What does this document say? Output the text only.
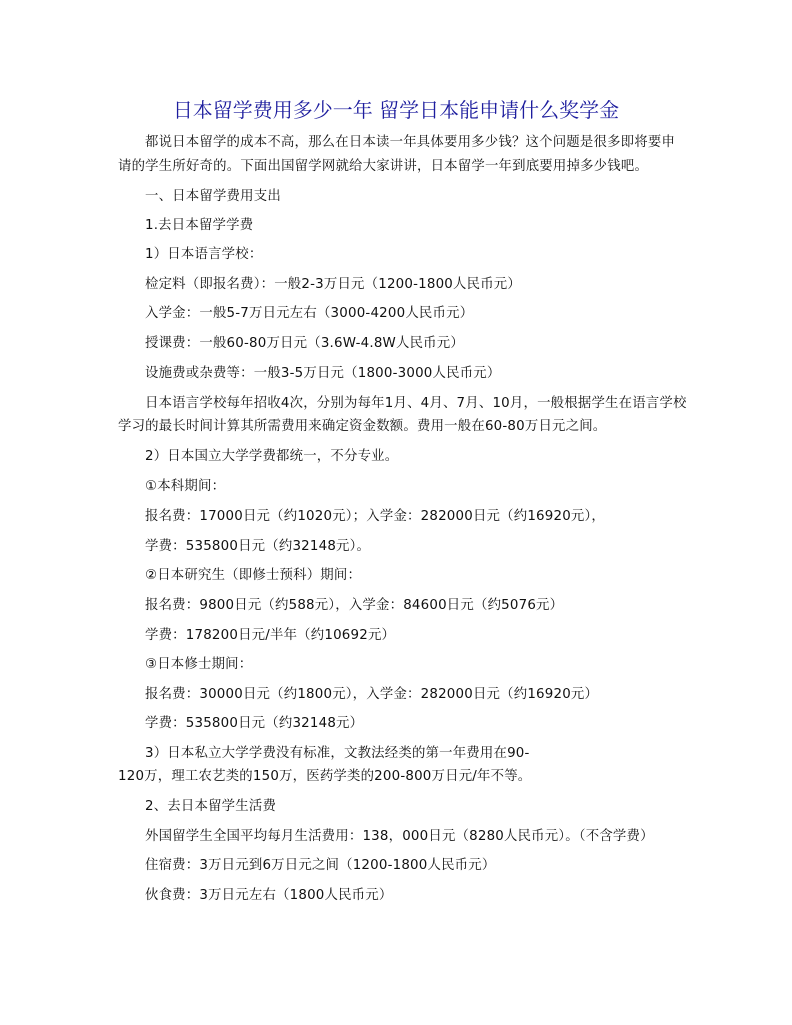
日本留学费用多少一年 留学日本能申请什么奖学金
都说日本留学的成本不高，那么在日本读一年具体要用多少钱？这个问题是很多即将要申
请的学生所好奇的。下面出国留学网就给大家讲讲，日本留学一年到底要用掉多少钱吧。
一、日本留学费用支出
1.去日本留学学费
1）日本语言学校：
检定料（即报名费）：一般2-3万日元（1200-1800人民币元）
入学金：一般5-7万日元左右（3000-4200人民币元）
授课费：一般60-80万日元（3.6W-4.8W人民币元）
设施费或杂费等：一般3-5万日元（1800-3000人民币元）
日本语言学校每年招收4次，分别为每年1月、4月、7月、10月，一般根据学生在语言学校
学习的最长时间计算其所需费用来确定资金数额。费用一般在60-80万日元之间。
2）日本国立大学学费都统一，不分专业。
①本科期间：
报名费：17000日元（约1020元）；入学金：282000日元（约16920元），
学费：535800日元（约32148元）。
②日本研究生（即修士预科）期间：
报名费：9800日元（约588元），入学金：84600日元（约5076元）
学费：178200日元/半年（约10692元）
③日本修士期间：
报名费：30000日元（约1800元），入学金：282000日元（约16920元）
学费：535800日元（约32148元）
3）日本私立大学学费没有标准，文教法经类的第一年费用在90-
120万，理工农艺类的150万，医药学类的200-800万日元/年不等。
2、去日本留学生活费
外国留学生全国平均每月生活费用：138，000日元（8280人民币元）。（不含学费）
住宿费：3万日元到6万日元之间（1200-1800人民币元）
伙食费：3万日元左右（1800人民币元）
